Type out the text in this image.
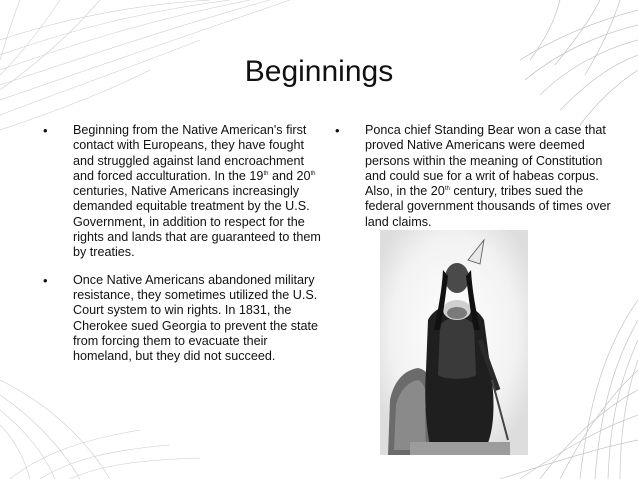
Beginnings
•	Beginning from the Native American's first contact with Europeans, they have fought and struggled against land encroachment and forced acculturation. In the 19th and 20th centuries, Native Americans increasingly demanded equitable treatment by the U.S. Government, in addition to respect for the rights and lands that are guaranteed to them by treaties.
•	Once Native Americans abandoned military resistance, they sometimes utilized the U.S. Court system to win rights. In 1831, the Cherokee sued Georgia to prevent the state from forcing them to evacuate their homeland, but they did not succeed.
•	Ponca chief Standing Bear won a case that proved Native Americans were deemed persons within the meaning of Constitution and could sue for a writ of habeas corpus. Also, in the 20th century, tribes sued the federal government thousands of times over land claims.
